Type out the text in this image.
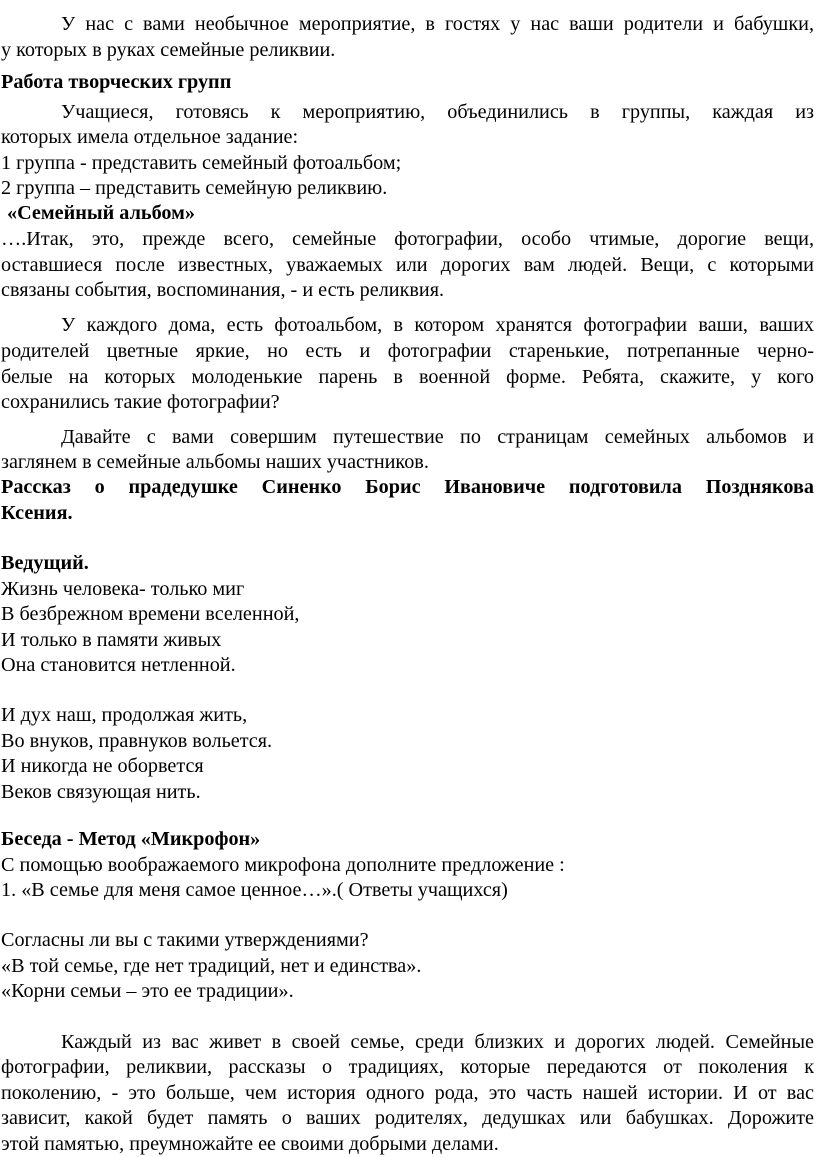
У нас с вами необычное мероприятие, в гостях у нас ваши родители и бабушки,
у которых в руках семейные реликвии.
Работа творческих групп
Учащиеся, готовясь к мероприятию, объединились в группы, каждая из
которых имела отдельное задание:
1 группа - представить семейный фотоальбом;
2 группа – представить семейную реликвию.
«Семейный альбом»
….Итак, это, прежде всего, семейные фотографии, особо чтимые, дорогие вещи,
оставшиеся после известных, уважаемых или дорогих вам людей. Вещи, с которыми
связаны события, воспоминания, - и есть реликвия.
У каждого дома, есть фотоальбом, в котором хранятся фотографии ваши, ваших
родителей цветные яркие, но есть и фотографии старенькие, потрепанные черно-
белые на которых молоденькие парень в военной форме. Ребята, скажите, у кого
сохранились такие фотографии?
Давайте с вами совершим путешествие по страницам семейных альбомов и
заглянем в семейные альбомы наших участников.
Рассказ о прадедушке Синенко Борис Ивановиче подготовила Позднякова
Ксения.
Ведущий.
Жизнь человека- только миг
В безбрежном времени вселенной,
И только в памяти живых
Она становится нетленной.
И дух наш, продолжая жить,
Во внуков, правнуков вольется.
И никогда не оборвется
Веков связующая нить.
Беседа - Метод «Микрофон»
С помощью воображаемого микрофона дополните предложение :
1. «В семье для меня самое ценное…».( Ответы учащихся)
Согласны ли вы с такими утверждениями?
«В той семье, где нет традиций, нет и единства».
«Корни семьи – это ее традиции».
Каждый из вас живет в своей семье, среди близких и дорогих людей. Семейные
фотографии, реликвии, рассказы о традициях, которые передаются от поколения к
поколению, - это больше, чем история одного рода, это часть нашей истории. И от вас
зависит, какой будет память о ваших родителях, дедушках или бабушках. Дорожите
этой памятью, преумножайте ее своими добрыми делами.
